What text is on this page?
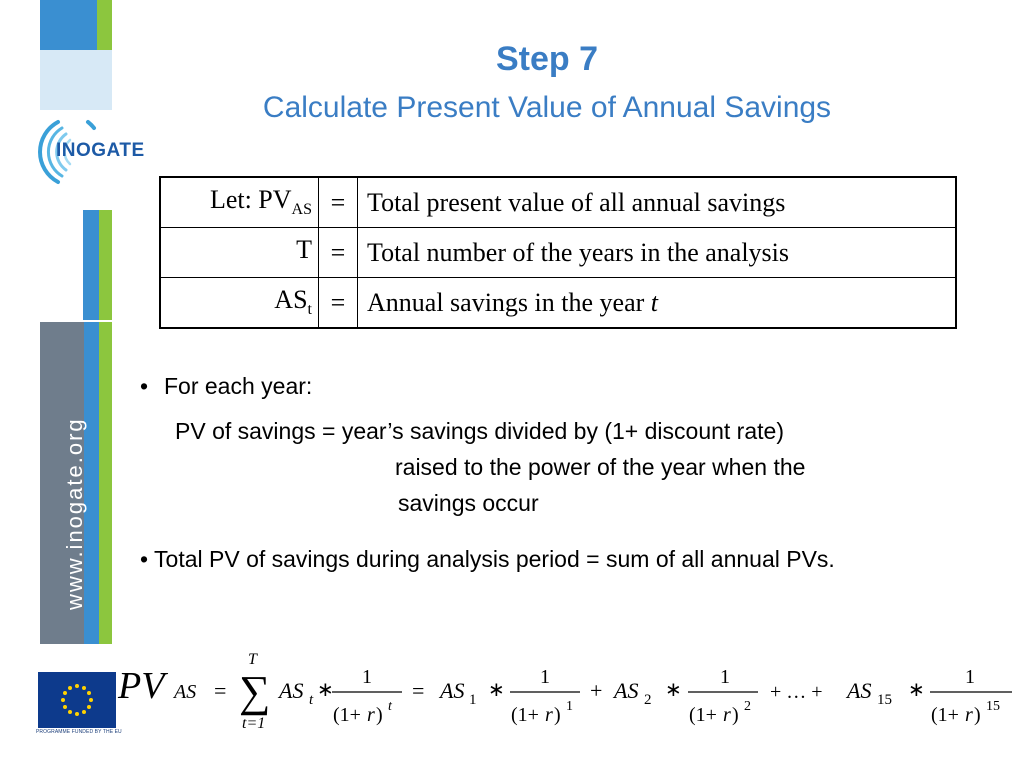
INOGATE
www.inogate.org
PROGRAMME FUNDED BY THE EU
Step 7
Calculate Present Value of Annual Savings
Let: $PV_{AS}$	=	Total present value of all annual savings
T	=	Total number of the years in the analysis
$AS_t$	=	Annual savings in the year t
• For each year:
PV of savings = year’s savings divided by (1+ discount rate)
raised to the power of the year when the
savings occur
• Total PV of savings during analysis period = sum of all annual PVs.
PV AS =
T
∑
t=1
AS t ∗
1
(1+ r ) t
= AS 1 ∗
1
(1+ r ) 1
+ AS 2 ∗
1
(1+ r ) 2
+ … + AS 15 ∗
1
(1+ r ) 15
